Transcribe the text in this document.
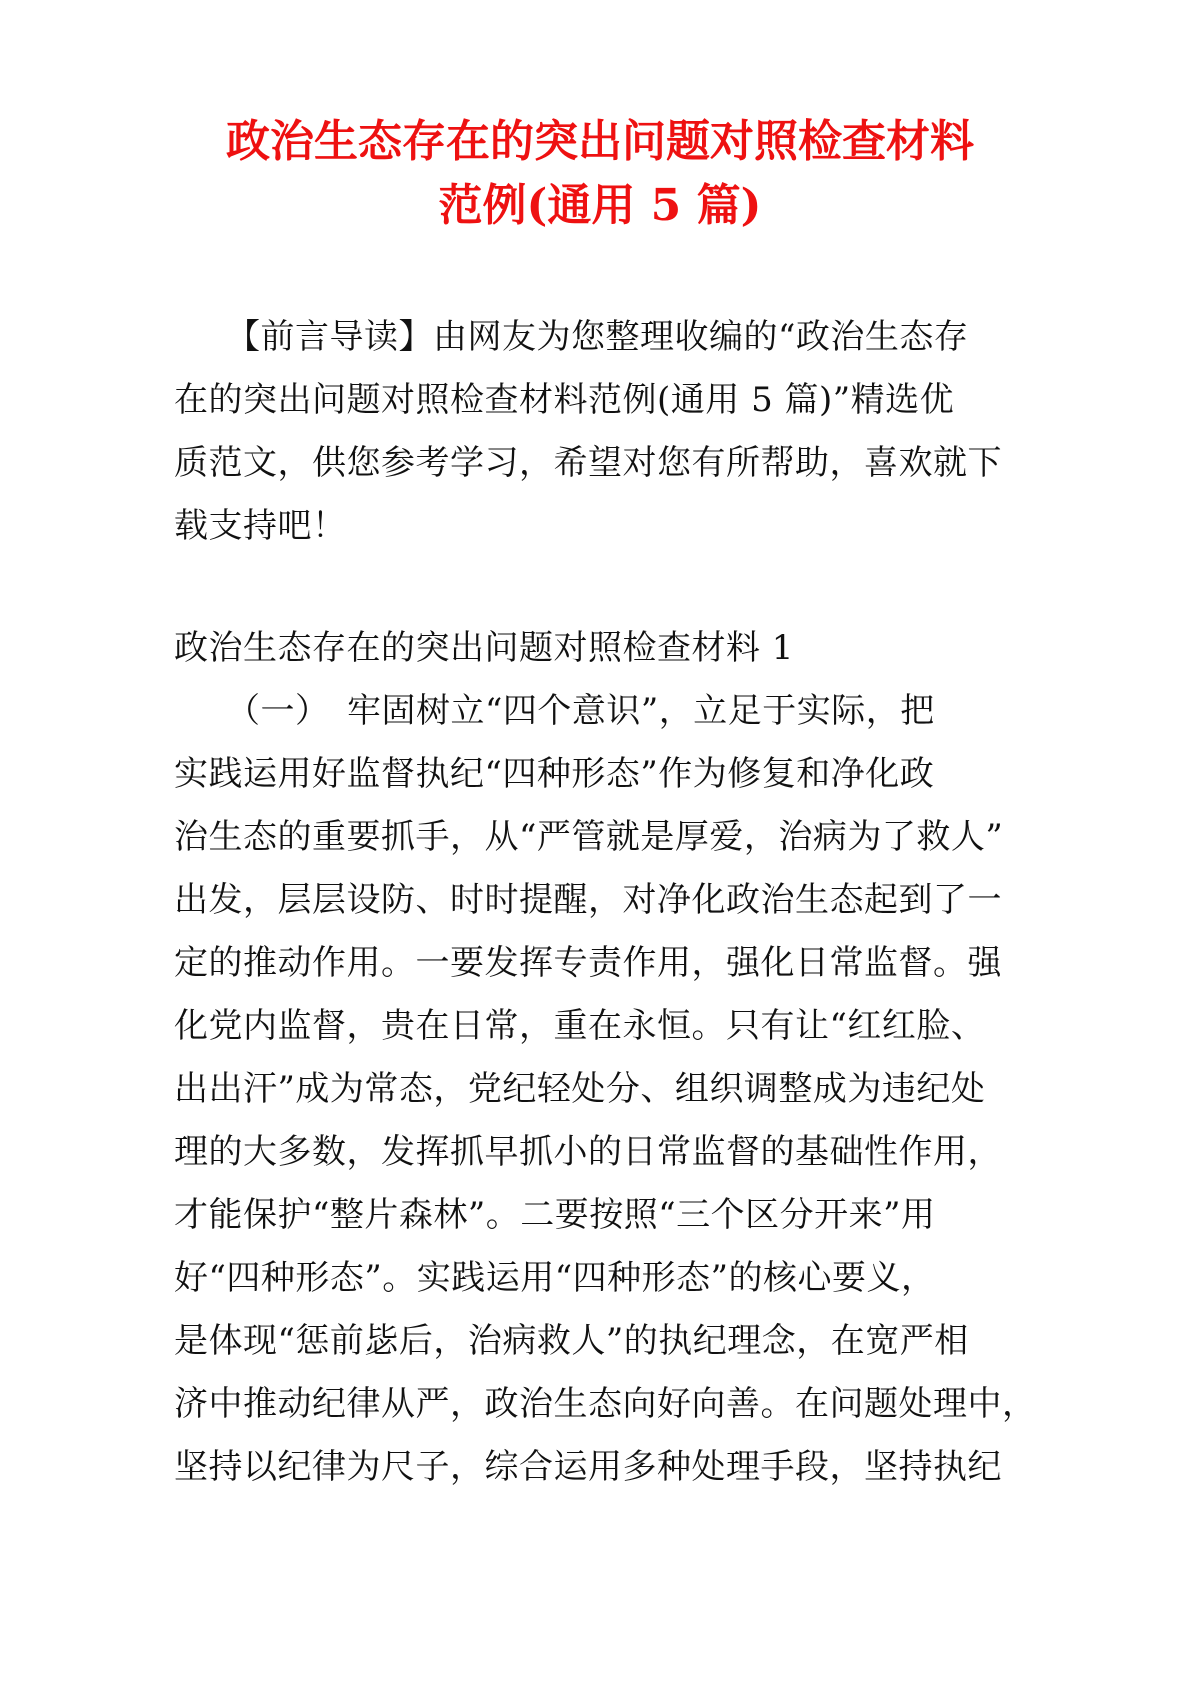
政治生态存在的突出问题对照检查材料
范例(通用 5 篇)
　　【前言导读】由网友为您整理收编的“政治生态存
在的突出问题对照检查材料范例(通用 5 篇)”精选优
质范文，供您参考学习，希望对您有所帮助，喜欢就下
载支持吧！
政治生态存在的突出问题对照检查材料 1
　　（一）　牢固树立“四个意识”，立足于实际，把
实践运用好监督执纪“四种形态”作为修复和净化政
治生态的重要抓手，从“严管就是厚爱，治病为了救人”
出发，层层设防、时时提醒，对净化政治生态起到了一
定的推动作用。一要发挥专责作用，强化日常监督。强
化党内监督，贵在日常，重在永恒。只有让“红红脸、
出出汗”成为常态，党纪轻处分、组织调整成为违纪处
理的大多数，发挥抓早抓小的日常监督的基础性作用，
才能保护“整片森林”。二要按照“三个区分开来”用
好“四种形态”。实践运用“四种形态”的核心要义，
是体现“惩前毖后，治病救人”的执纪理念，在宽严相
济中推动纪律从严，政治生态向好向善。在问题处理中，
坚持以纪律为尺子，综合运用多种处理手段，坚持执纪
